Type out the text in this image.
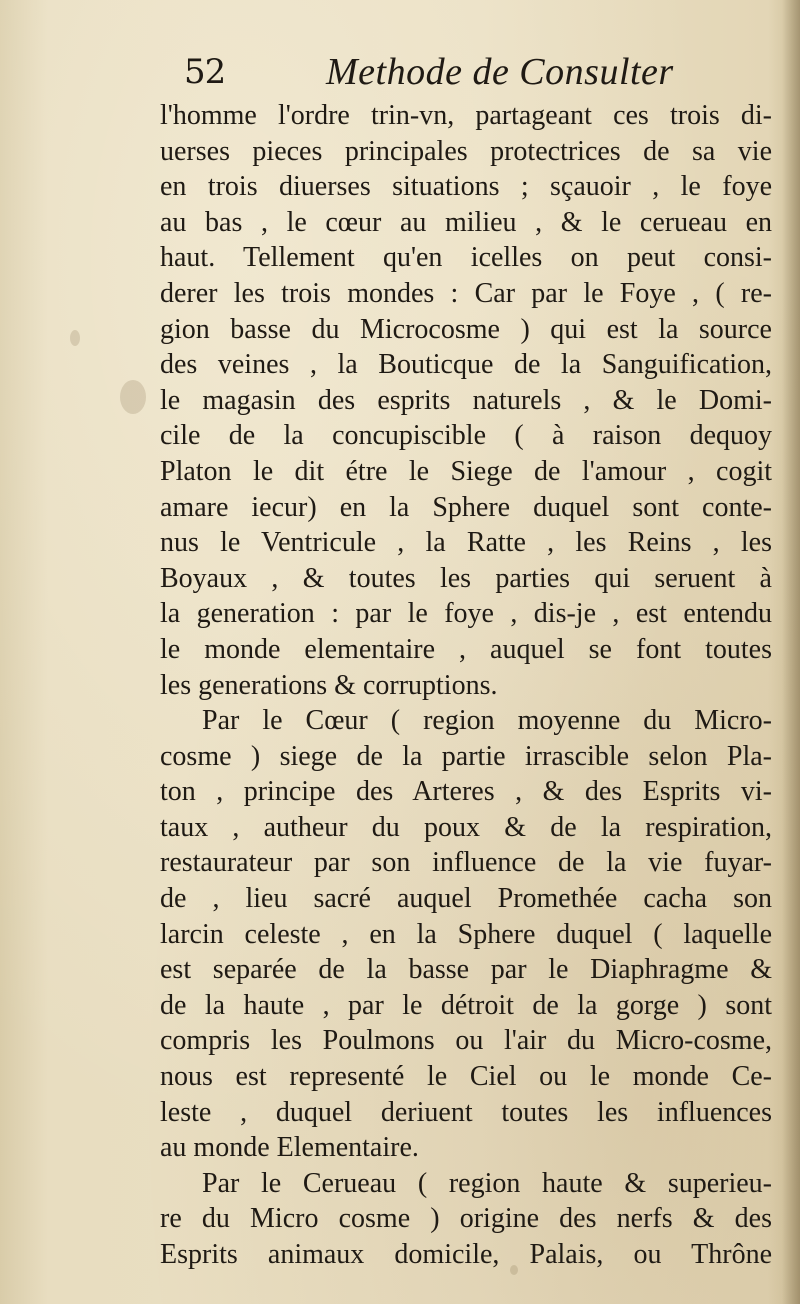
52	Methode de Consulter
l'homme l'ordre trin-vn, partageant ces trois di-
uerses pieces principales protectrices de sa vie
en trois diuerses situations ; sçauoir , le foye
au bas , le cœur au milieu , & le cerueau en
haut. Tellement qu'en icelles on peut consi-
derer les trois mondes : Car par le Foye , ( re-
gion basse du Microcosme ) qui est la source
des veines , la Bouticque de la Sanguification,
le magasin des esprits naturels , & le Domi-
cile de la concupiscible ( à raison dequoy
Platon le dit étre le Siege de l'amour , cogit
amare iecur) en la Sphere duquel sont conte-
nus le Ventricule , la Ratte , les Reins , les
Boyaux , & toutes les parties qui seruent à
la generation : par le foye , dis-je , est entendu
le monde elementaire , auquel se font toutes
les generations & corruptions.
Par le Cœur ( region moyenne du Micro-
cosme ) siege de la partie irrascible selon Pla-
ton , principe des Arteres , & des Esprits vi-
taux , autheur du poux & de la respiration,
restaurateur par son influence de la vie fuyar-
de , lieu sacré auquel Promethée cacha son
larcin celeste , en la Sphere duquel ( laquelle
est separée de la basse par le Diaphragme &
de la haute , par le détroit de la gorge ) sont
compris les Poulmons ou l'air du Micro-cosme,
nous est representé le Ciel ou le monde Ce-
leste , duquel deriuent toutes les influences
au monde Elementaire.
Par le Cerueau ( region haute & superieu-
re du Micro cosme ) origine des nerfs & des
Esprits animaux domicile, Palais, ou Thrône
